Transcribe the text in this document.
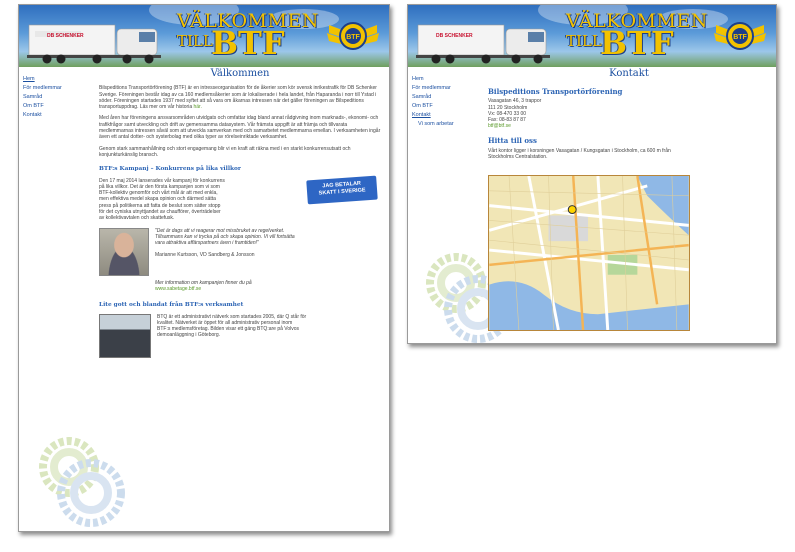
DB SCHENKER
VÄLKOMMEN
TILL
BTF	BTF
Hem
För medlemmar
Samråd
Om BTF
Kontakt
Välkommen

Bilspeditions Transportörförening (BTF) är en intresseorganisation för de åkerier som kör svensk inrikestrafik för DB Schenker Sverige. Föreningen består idag av ca 160 medlemsåkerier som är lokaliserade i hela landet, från Haparanda i norr till Ystad i söder. Föreningen startades 1937 med syftet att så vara om åkarnas intressen när det gäller föreningen av Bilspeditions transportuppdrag. Läs mer om vår historia här.

Med åren har föreningens ansvarsområden utvidgats och omfattar idag bland annat rådgivning inom marknads-, ekonomi- och trafikfrågor samt utveckling och drift av gemensamma datasystem. Vår främsta uppgift är att främja och tillvarata medlemmarnas intressen såväl som att utveckla samverkan med och samarbetet medlemmarna emellan. I verksamheten ingår även ett antal dotter- och systerbolag med olika typer av rörelseinriktade verksamhet.

Genom stark sammanhållning och stort engagemang blir vi en kraft att räkna med i en starkt konkurrensutsatt och konjunkturkänslig bransch.

BTF:s Kampanj – Konkurrens på lika villkor

Den 17 maj 2014 lanserades vår kampanj för konkurrens på lika villkor. Det är den första kampanjen som vi som BTF-kollektiv genomför och vårt mål är att med enkla, men effektiva medel skapa opinion och därmed sätta press på politikerna att fatta de beslut som sätter stopp för det cyniska utnyttjandet av chaufförer, överträdelser av kollektivavtalen och skattefusk.

JAG BETALAR
SKATT I SVERIGE

"Det är dags att vi reagerar mot missbruket av regelverket. Tillsammans kan vi trycka på och skapa opinion. Vi vill fortsätta vara attraktiva affärspartners även i framtiden!"

Marianne Kurtsson, VD Sandberg & Jonsson

Mer information om kampanjen finner du på

www.sabetage.btf.se

Lite gott och blandat från BTF:s verksamhet

BTQ är ett administrativt nätverk som startades 2005, där Q står för kvalitet. Nätverket är öppet för all administrativ personal inom BTF:s medlemsföretag. Bilden visar ett gäng BTQ:are på Volvos demoanläggning i Göteborg.

DB SCHENKER
VÄLKOMMEN
TILL
BTF	BTF
Hem
För medlemmar
Samråd
Om BTF
Kontakt
Vi som arbetar
Kontakt
Bilspeditions Transportörförening
Vasagatan 46, 3 trappor
111 20 Stockholm
Vx: 08-470 33 00
Fax: 08-83 87 87
btf@btf.se
Hitta till oss

Vårt kontor ligger i korsningen Vasagatan / Kungsgatan i Stockholm, ca 600 m från Stockholms Centralstation.
